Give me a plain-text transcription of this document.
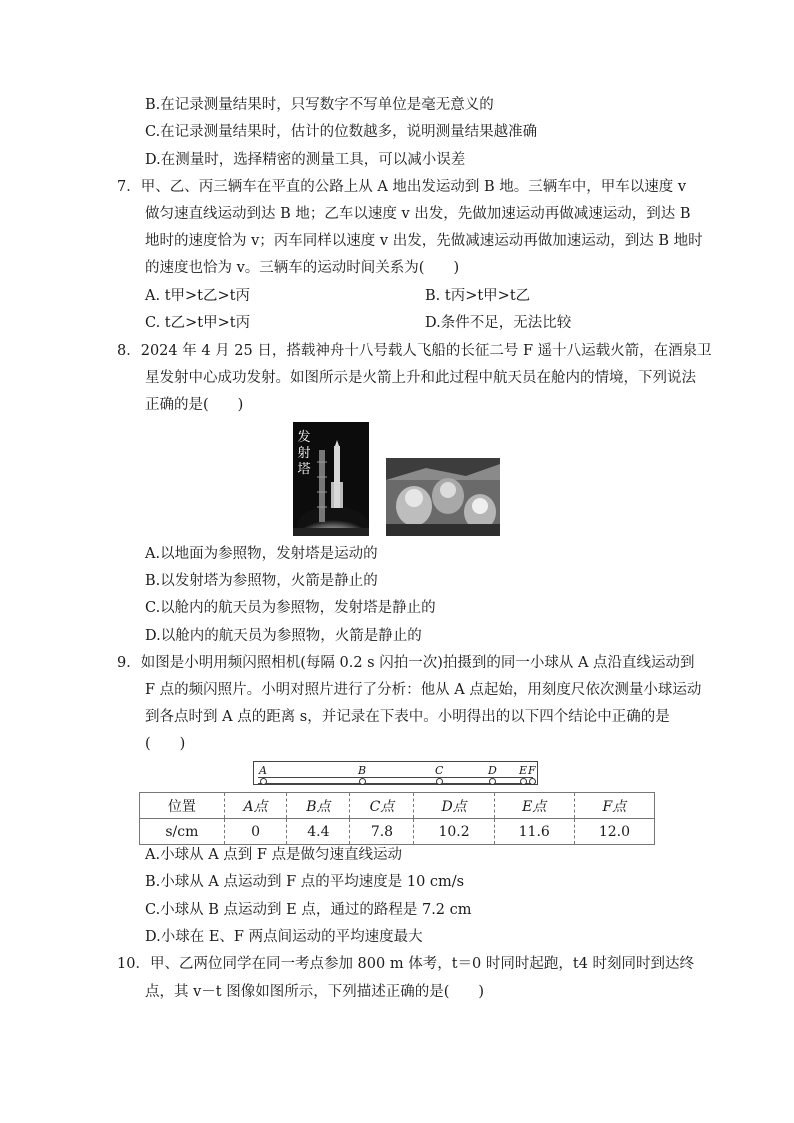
B.在记录测量结果时，只写数字不写单位是毫无意义的
C.在记录测量结果时，估计的位数越多，说明测量结果越准确
D.在测量时，选择精密的测量工具，可以减小误差
7．甲、乙、丙三辆车在平直的公路上从 A 地出发运动到 B 地。三辆车中，甲车以速度 v
做匀速直线运动到达 B 地；乙车以速度 v 出发，先做加速运动再做减速运动，到达 B
地时的速度恰为 v；丙车同样以速度 v 出发，先做减速运动再做加速运动，到达 B 地时
的速度也恰为 v。三辆车的运动时间关系为(　　)
A. t甲>t乙>t丙	B. t丙>t甲>t乙
C. t乙>t甲>t丙	D.条件不足，无法比较
8．2024 年 4 月 25 日，搭载神舟十八号载人飞船的长征二号 F 遥十八运载火箭，在酒泉卫
星发射中心成功发射。如图所示是火箭上升和此过程中航天员在舱内的情境，下列说法
正确的是(　　)
发射塔
A.以地面为参照物，发射塔是运动的
B.以发射塔为参照物，火箭是静止的
C.以舱内的航天员为参照物，发射塔是静止的
D.以舱内的航天员为参照物，火箭是静止的
9．如图是小明用频闪照相机(每隔 0.2 s 闪拍一次)拍摄到的同一小球从 A 点沿直线运动到
F 点的频闪照片。小明对照片进行了分析：他从 A 点起始，用刻度尺依次测量小球运动
到各点时到 A 点的距离 s，并记录在下表中。小明得出的以下四个结论中正确的是
(　　)
A	B	C	D E F
位置	A点	B点	C点	D点	E点	F点
s/cm	0	4.4	7.8	10.2	11.6	12.0
A.小球从 A 点到 F 点是做匀速直线运动
B.小球从 A 点运动到 F 点的平均速度是 10 cm/s
C.小球从 B 点运动到 E 点，通过的路程是 7.2 cm
D.小球在 E、F 两点间运动的平均速度最大
10．甲、乙两位同学在同一考点参加 800 m 体考，t＝0 时同时起跑，t4 时刻同时到达终
点，其 v－t 图像如图所示，下列描述正确的是(　　)
